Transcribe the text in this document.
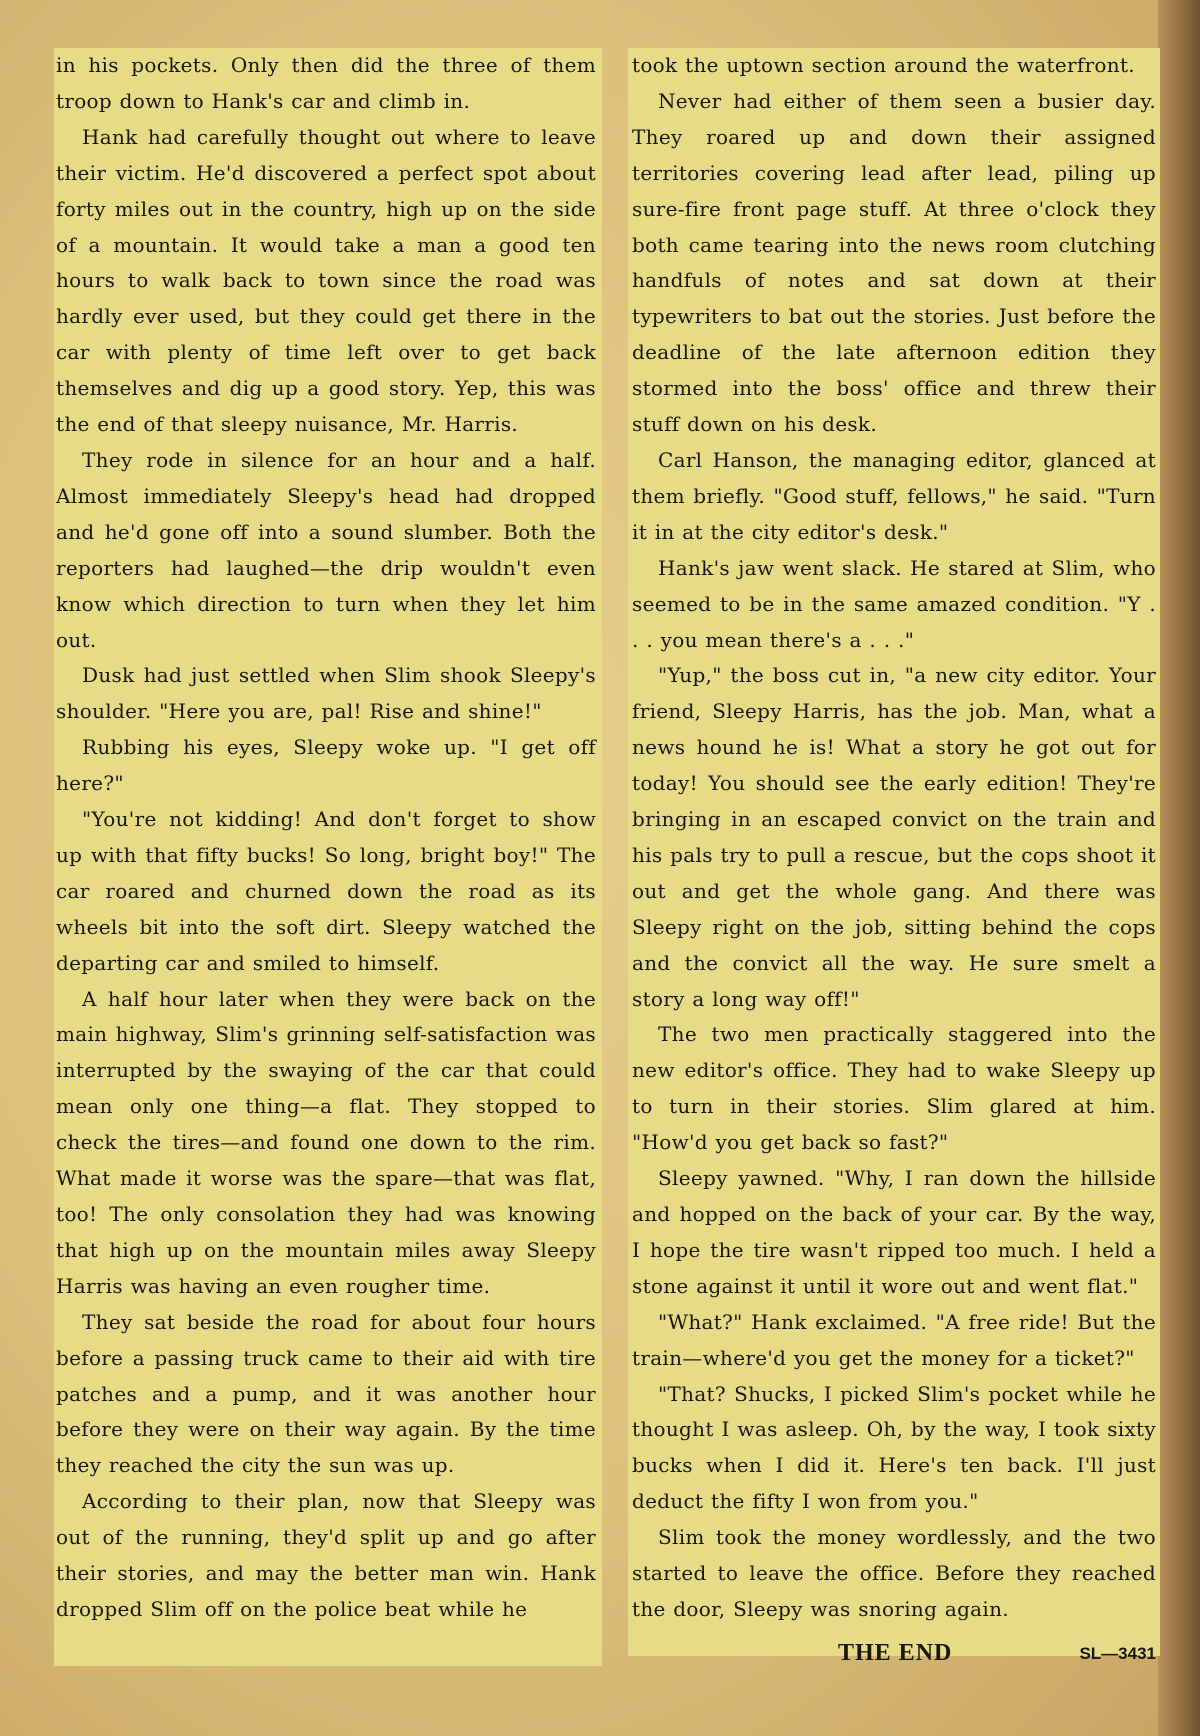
in his pockets. Only then did the three of them troop down to Hank's car and climb in.

Hank had carefully thought out where to leave their victim. He'd discovered a perfect spot about forty miles out in the country, high up on the side of a mountain. It would take a man a good ten hours to walk back to town since the road was hardly ever used, but they could get there in the car with plenty of time left over to get back themselves and dig up a good story. Yep, this was the end of that sleepy nuisance, Mr. Harris.

They rode in silence for an hour and a half. Almost immediately Sleepy's head had dropped and he'd gone off into a sound slumber. Both the reporters had laughed—the drip wouldn't even know which direction to turn when they let him out.

Dusk had just settled when Slim shook Sleepy's shoulder. "Here you are, pal! Rise and shine!"

Rubbing his eyes, Sleepy woke up. "I get off here?"

"You're not kidding! And don't forget to show up with that fifty bucks! So long, bright boy!" The car roared and churned down the road as its wheels bit into the soft dirt. Sleepy watched the departing car and smiled to himself.

A half hour later when they were back on the main highway, Slim's grinning self-satisfaction was interrupted by the swaying of the car that could mean only one thing—a flat. They stopped to check the tires—and found one down to the rim. What made it worse was the spare—that was flat, too! The only consolation they had was knowing that high up on the mountain miles away Sleepy Harris was having an even rougher time.

They sat beside the road for about four hours before a passing truck came to their aid with tire patches and a pump, and it was another hour before they were on their way again. By the time they reached the city the sun was up.

According to their plan, now that Sleepy was out of the running, they'd split up and go after their stories, and may the better man win. Hank dropped Slim off on the police beat while he

took the uptown section around the waterfront.

Never had either of them seen a busier day. They roared up and down their assigned territories covering lead after lead, piling up sure-fire front page stuff. At three o'clock they both came tearing into the news room clutching handfuls of notes and sat down at their typewriters to bat out the stories. Just before the deadline of the late afternoon edition they stormed into the boss' office and threw their stuff down on his desk.

Carl Hanson, the managing editor, glanced at them briefly. "Good stuff, fellows," he said. "Turn it in at the city editor's desk."

Hank's jaw went slack. He stared at Slim, who seemed to be in the same amazed condition. "Y . . . you mean there's a . . ."

"Yup," the boss cut in, "a new city editor. Your friend, Sleepy Harris, has the job. Man, what a news hound he is! What a story he got out for today! You should see the early edition! They're bringing in an escaped convict on the train and his pals try to pull a rescue, but the cops shoot it out and get the whole gang. And there was Sleepy right on the job, sitting behind the cops and the convict all the way. He sure smelt a story a long way off!"

The two men practically staggered into the new editor's office. They had to wake Sleepy up to turn in their stories. Slim glared at him. "How'd you get back so fast?"

Sleepy yawned. "Why, I ran down the hillside and hopped on the back of your car. By the way, I hope the tire wasn't ripped too much. I held a stone against it until it wore out and went flat."

"What?" Hank exclaimed. "A free ride! But the train—where'd you get the money for a ticket?"

"That? Shucks, I picked Slim's pocket while he thought I was asleep. Oh, by the way, I took sixty bucks when I did it. Here's ten back. I'll just deduct the fifty I won from you."

Slim took the money wordlessly, and the two started to leave the office. Before they reached the door, Sleepy was snoring again.

THE END	SL—3431
